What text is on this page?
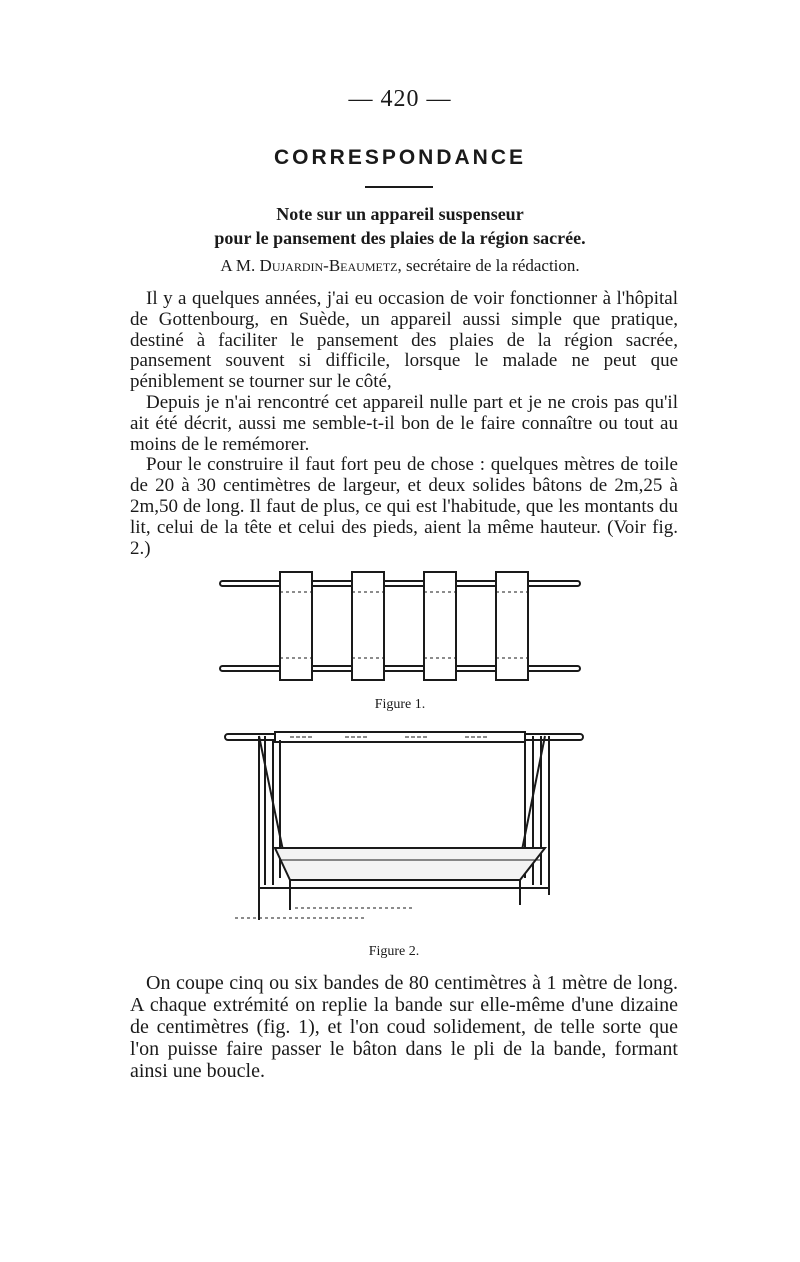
— 420 —
CORRESPONDANCE
Note sur un appareil suspenseur
pour le pansement des plaies de la région sacrée.
A M. Dujardin-Beaumetz, secrétaire de la rédaction.

Il y a quelques années, j'ai eu occasion de voir fonctionner à l'hôpital de Gottenbourg, en Suède, un appareil aussi simple que pratique, destiné à faciliter le pansement des plaies de la région sacrée, pansement souvent si difficile, lorsque le malade ne peut que péniblement se tourner sur le côté,

Depuis je n'ai rencontré cet appareil nulle part et je ne crois pas qu'il ait été décrit, aussi me semble-t-il bon de le faire connaître ou tout au moins de le remémorer.

Pour le construire il faut fort peu de chose : quelques mètres de toile de 20 à 30 centimètres de largeur, et deux solides bâtons de 2m,25 à 2m,50 de long. Il faut de plus, ce qui est l'habitude, que les montants du lit, celui de la tête et celui des pieds, aient la même hauteur. (Voir fig. 2.)

Figure 1.
Figure 2.

On coupe cinq ou six bandes de 80 centimètres à 1 mètre de long. A chaque extrémité on replie la bande sur elle-même d'une dizaine de centimètres (fig. 1), et l'on coud solidement, de telle sorte que l'on puisse faire passer le bâton dans le pli de la bande, formant ainsi une boucle.
